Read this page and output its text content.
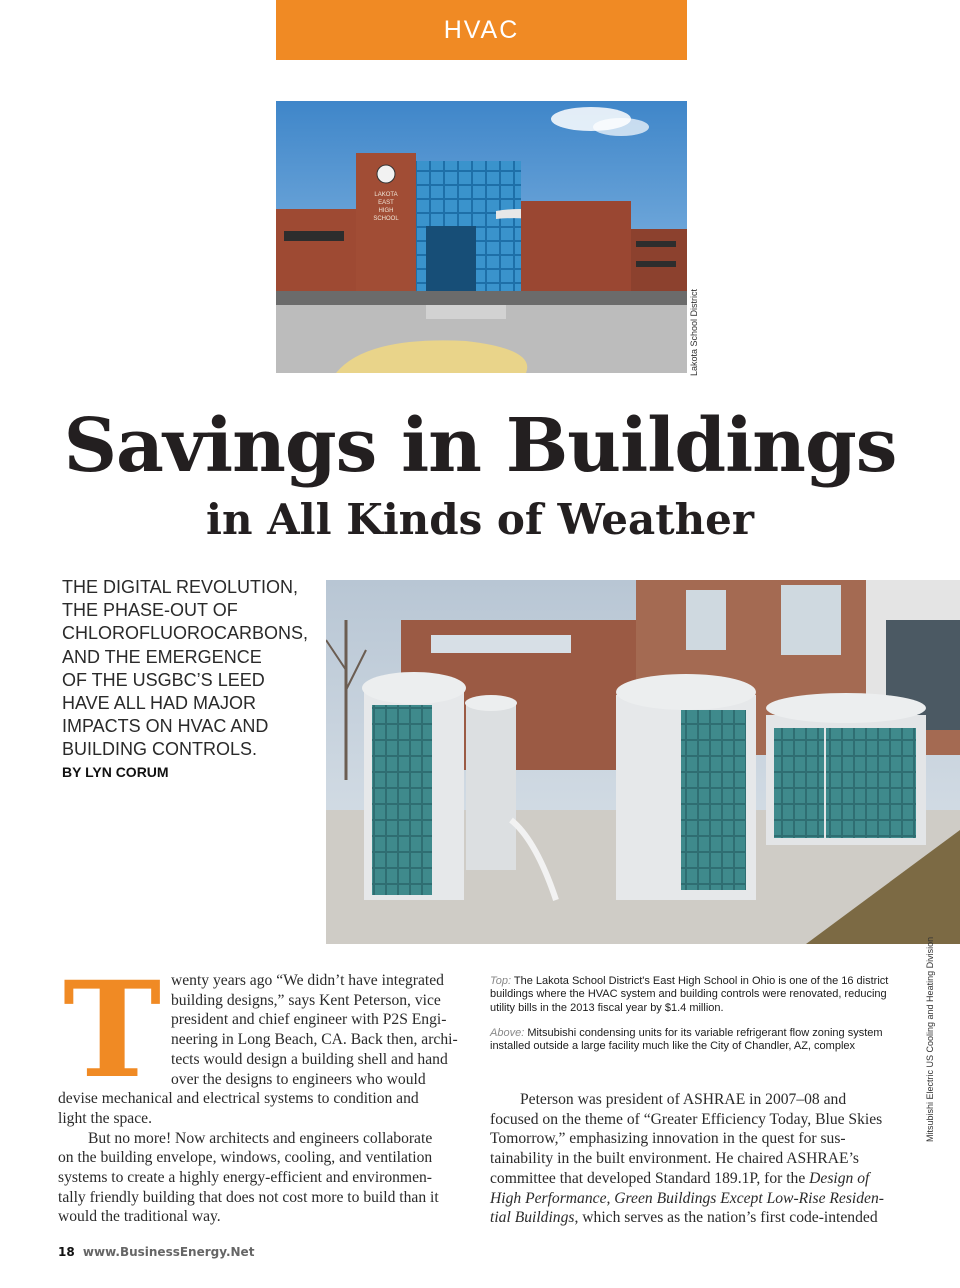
HVAC
LAKOTA
EAST
HIGH
SCHOOL
Lakota School District
Savings in Buildings
in All Kinds of Weather
THE DIGITAL REVOLUTION,
THE PHASE-OUT OF
CHLOROFLUOROCARBONS,
AND THE EMERGENCE
OF THE USGBC’S LEED
HAVE ALL HAD MAJOR
IMPACTS ON HVAC AND
BUILDING CONTROLS.
BY LYN CORUM
Mitsubishi Electric US Cooling and Heating Division
T wenty years ago “We didn’t have integrated
building designs,” says Kent Peterson, vice
president and chief engineer with P2S Engi-
neering in Long Beach, CA. Back then, archi-
tects would design a building shell and hand
over the designs to engineers who would
devise mechanical and electrical systems to condition and
light the space.
But no more! Now architects and engineers collaborate
on the building envelope, windows, cooling, and ventilation
systems to create a highly energy-efficient and environmen-
tally friendly building that does not cost more to build than it
would the traditional way.
Top: The Lakota School District's East High School in Ohio is one of the 16 district buildings where the HVAC system and building controls were renovated, reducing utility bills in the 2013 fiscal year by $1.4 million.
Above: Mitsubishi condensing units for its variable refrigerant flow zoning system installed outside a large facility much like the City of Chandler, AZ, complex
Peterson was president of ASHRAE in 2007–08 and
focused on the theme of “Greater Efficiency Today, Blue Skies
Tomorrow,” emphasizing innovation in the quest for sus-
tainability in the built environment. He chaired ASHRAE’s
committee that developed Standard 189.1P, for the Design of
High Performance, Green Buildings Except Low-Rise Residen-
tial Buildings, which serves as the nation’s first code-intended
18 www.BusinessEnergy.Net
